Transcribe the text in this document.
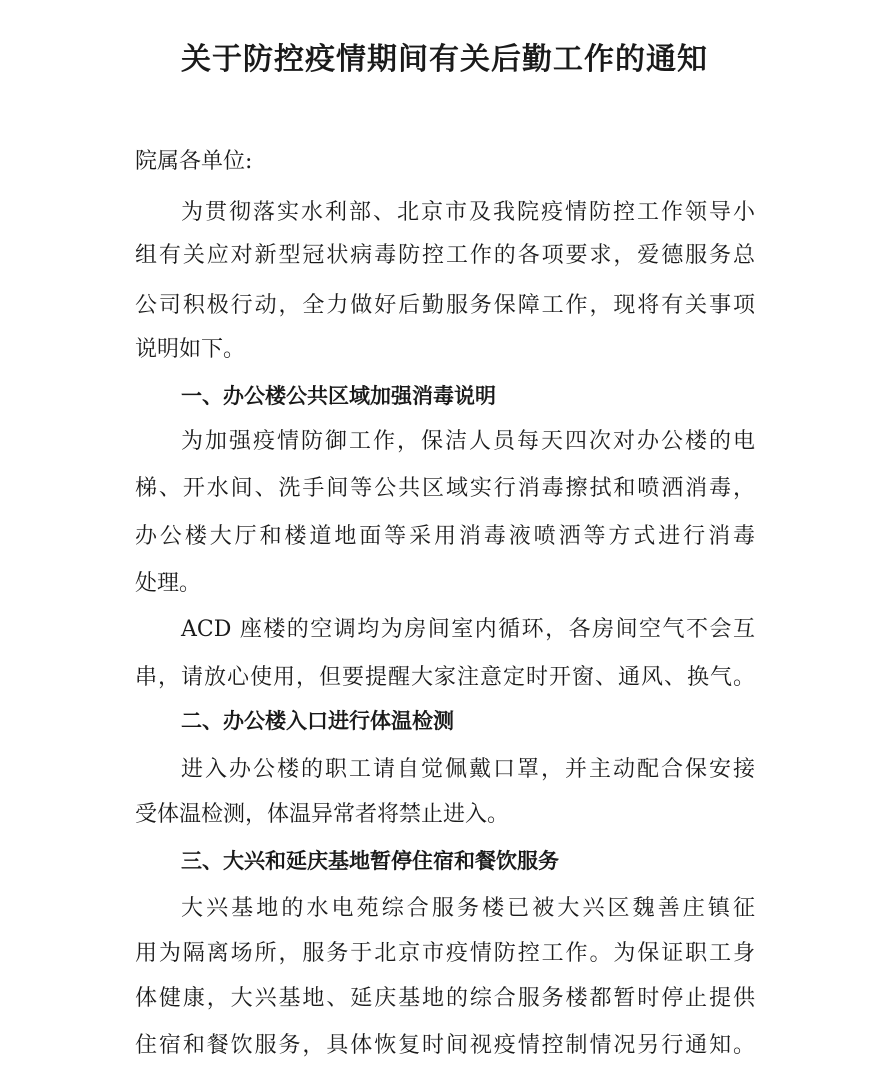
关于防控疫情期间有关后勤工作的通知
院属各单位:
为贯彻落实水利部、北京市及我院疫情防控工作领导小
组有关应对新型冠状病毒防控工作的各项要求，爱德服务总
公司积极行动，全力做好后勤服务保障工作，现将有关事项
说明如下。
一、办公楼公共区域加强消毒说明
为加强疫情防御工作，保洁人员每天四次对办公楼的电
梯、开水间、洗手间等公共区域实行消毒擦拭和喷洒消毒，
办公楼大厅和楼道地面等采用消毒液喷洒等方式进行消毒
处理。
ACD 座楼的空调均为房间室内循环，各房间空气不会互
串，请放心使用，但要提醒大家注意定时开窗、通风、换气。
二、办公楼入口进行体温检测
进入办公楼的职工请自觉佩戴口罩，并主动配合保安接
受体温检测，体温异常者将禁止进入。
三、大兴和延庆基地暂停住宿和餐饮服务
大兴基地的水电苑综合服务楼已被大兴区魏善庄镇征
用为隔离场所，服务于北京市疫情防控工作。为保证职工身
体健康，大兴基地、延庆基地的综合服务楼都暂时停止提供
住宿和餐饮服务，具体恢复时间视疫情控制情况另行通知。
